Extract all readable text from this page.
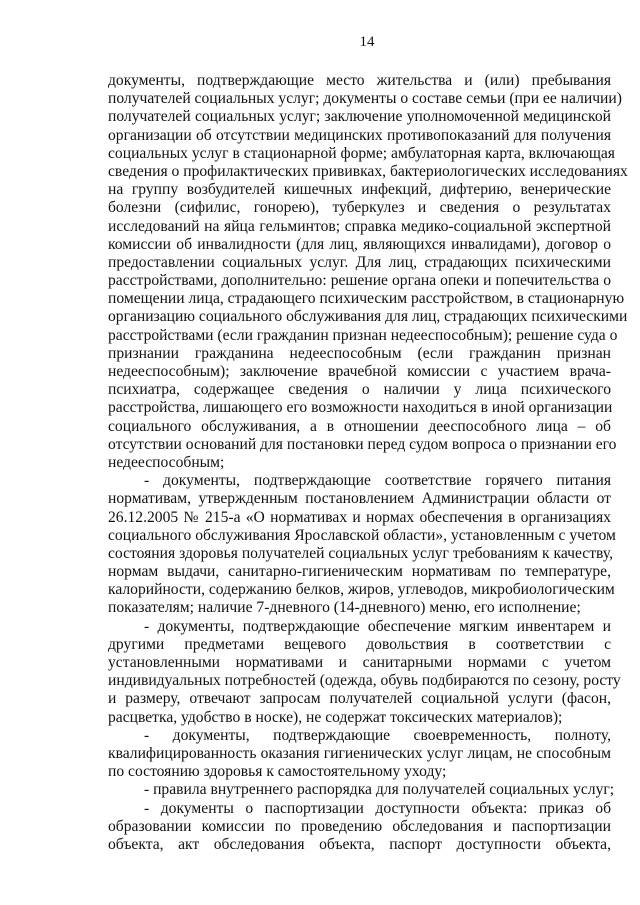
14
документы, подтверждающие место жительства и (или) пребывания
получателей социальных услуг; документы о составе семьи (при ее наличии)
получателей социальных услуг; заключение уполномоченной медицинской
организации об отсутствии медицинских противопоказаний для получения
социальных услуг в стационарной форме; амбулаторная карта, включающая
сведения о профилактических прививках, бактериологических исследованиях
на группу возбудителей кишечных инфекций, дифтерию, венерические
болезни (сифилис, гонорею), туберкулез и сведения о результатах
исследований на яйца гельминтов; справка медико-социальной экспертной
комиссии об инвалидности (для лиц, являющихся инвалидами), договор о
предоставлении социальных услуг. Для лиц, страдающих психическими
расстройствами, дополнительно: решение органа опеки и попечительства о
помещении лица, страдающего психическим расстройством, в стационарную
организацию социального обслуживания для лиц, страдающих психическими
расстройствами (если гражданин признан недееспособным); решение суда о
признании гражданина недееспособным (если гражданин признан
недееспособным); заключение врачебной комиссии с участием врача-
психиатра, содержащее сведения о наличии у лица психического
расстройства, лишающего его возможности находиться в иной организации
социального обслуживания, а в отношении дееспособного лица – об
отсутствии оснований для постановки перед судом вопроса о признании его
недееспособным;
- документы, подтверждающие соответствие горячего питания
нормативам, утвержденным постановлением Администрации области от
26.12.2005 № 215-а «О нормативах и нормах обеспечения в организациях
социального обслуживания Ярославской области», установленным с учетом
состояния здоровья получателей социальных услуг требованиям к качеству,
нормам выдачи, санитарно-гигиеническим нормативам по температуре,
калорийности, содержанию белков, жиров, углеводов, микробиологическим
показателям; наличие 7-дневного (14-дневного) меню, его исполнение;
- документы, подтверждающие обеспечение мягким инвентарем и
другими предметами вещевого довольствия в соответствии с
установленными нормативами и санитарными нормами с учетом
индивидуальных потребностей (одежда, обувь подбираются по сезону, росту
и размеру, отвечают запросам получателей социальной услуги (фасон,
расцветка, удобство в носке), не содержат токсических материалов);
- документы, подтверждающие своевременность, полноту,
квалифицированность оказания гигиенических услуг лицам, не способным
по состоянию здоровья к самостоятельному уходу;
- правила внутреннего распорядка для получателей социальных услуг;
- документы о паспортизации доступности объекта: приказ об
образовании комиссии по проведению обследования и паспортизации
объекта, акт обследования объекта, паспорт доступности объекта,
